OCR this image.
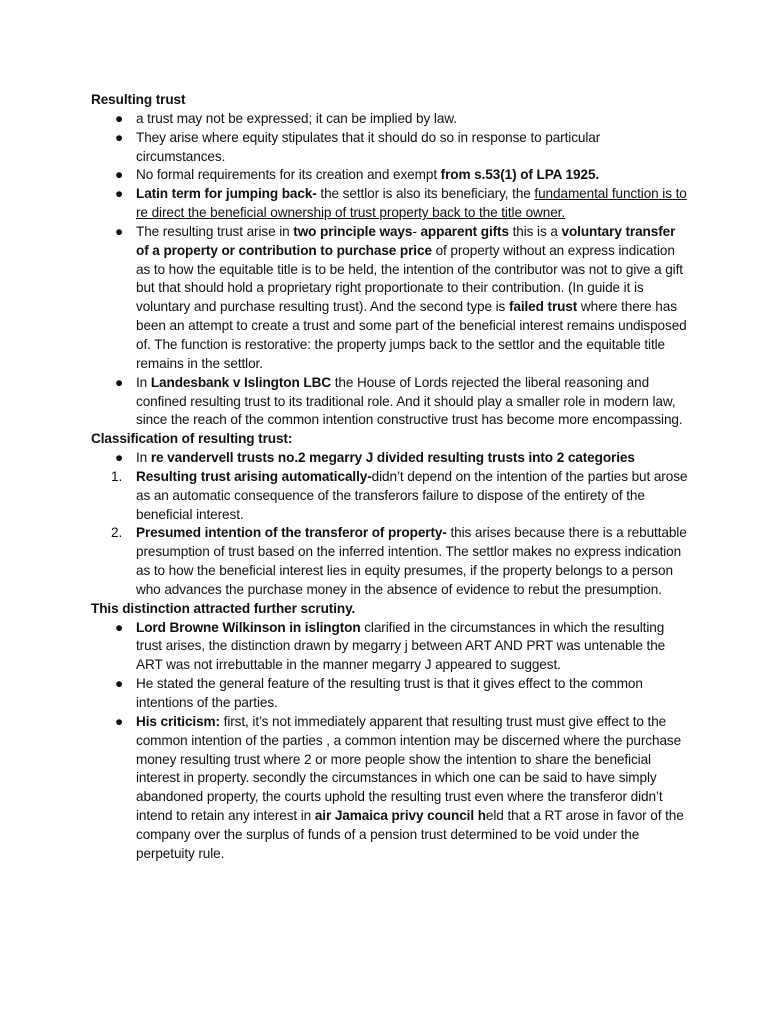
Resulting trust

● a trust may not be expressed; it can be implied by law.
● They arise where equity stipulates that it should do so in response to particular circumstances.
● No formal requirements for its creation and exempt from s.53(1) of LPA 1925.
● Latin term for jumping back- the settlor is also its beneficiary, the fundamental function is to re direct the beneficial ownership of trust property back to the title owner.
● The resulting trust arise in two principle ways- apparent gifts this is a voluntary transfer of a property or contribution to purchase price of property without an express indication as to how the equitable title is to be held, the intention of the contributor was not to give a gift but that should hold a proprietary right proportionate to their contribution. (In guide it is voluntary and purchase resulting trust). And the second type is failed trust where there has been an attempt to create a trust and some part of the beneficial interest remains undisposed of. The function is restorative: the property jumps back to the settlor and the equitable title remains in the settlor.
● In Landesbank v Islington LBC the House of Lords rejected the liberal reasoning and confined resulting trust to its traditional role. And it should play a smaller role in modern law, since the reach of the common intention constructive trust has become more encompassing.

Classification of resulting trust:

● In re vandervell trusts no.2 megarry J divided resulting trusts into 2 categories
1. Resulting trust arising automatically-didn’t depend on the intention of the parties but arose as an automatic consequence of the transferors failure to dispose of the entirety of the beneficial interest.
2. Presumed intention of the transferor of property- this arises because there is a rebuttable presumption of trust based on the inferred intention. The settlor makes no express indication as to how the beneficial interest lies in equity presumes, if the property belongs to a person who advances the purchase money in the absence of evidence to rebut the presumption.

This distinction attracted further scrutiny.

● Lord Browne Wilkinson in islington clarified in the circumstances in which the resulting trust arises, the distinction drawn by megarry j between ART AND PRT was untenable the ART was not irrebuttable in the manner megarry J appeared to suggest.
● He stated the general feature of the resulting trust is that it gives effect to the common intentions of the parties.
● His criticism: first, it’s not immediately apparent that resulting trust must give effect to the common intention of the parties , a common intention may be discerned where the purchase money resulting trust where 2 or more people show the intention to share the beneficial interest in property. secondly the circumstances in which one can be said to have simply abandoned property, the courts uphold the resulting trust even where the transferor didn’t intend to retain any interest in air Jamaica privy council held that a RT arose in favor of the company over the surplus of funds of a pension trust determined to be void under the perpetuity rule.
